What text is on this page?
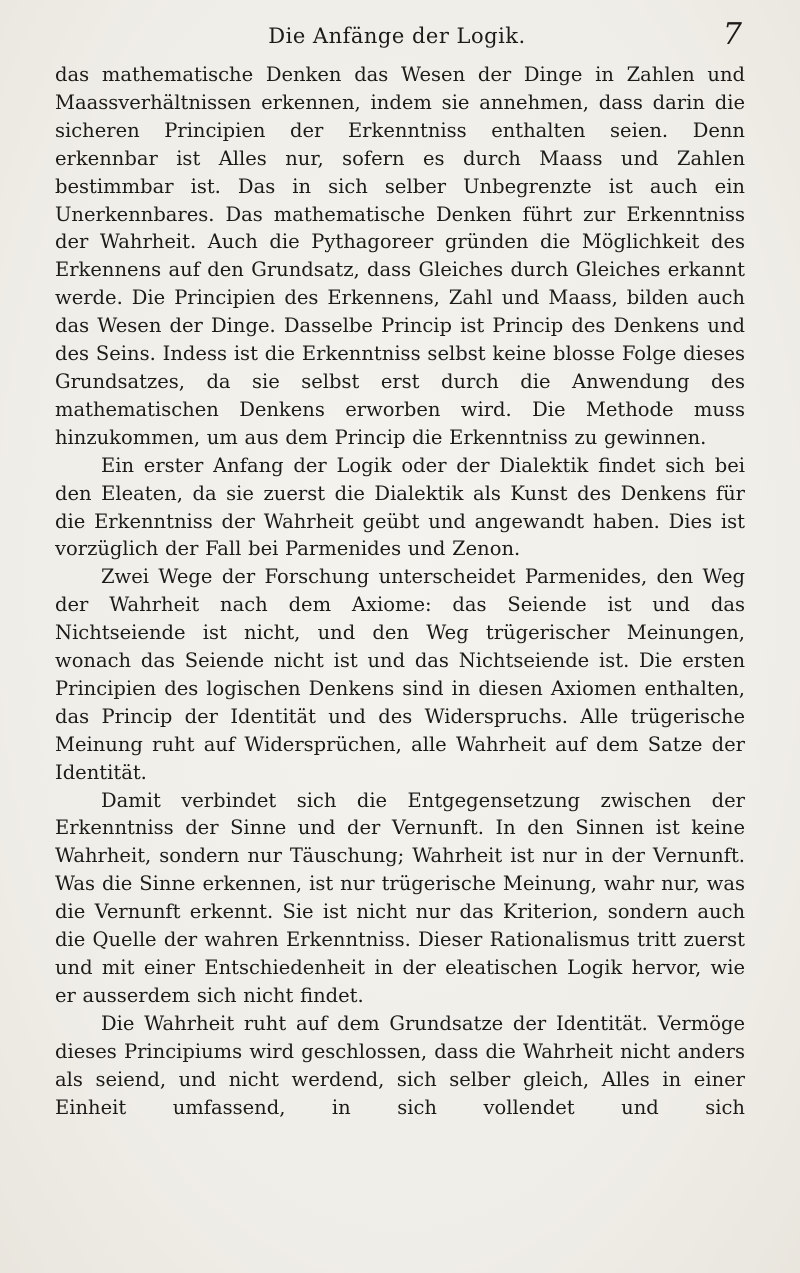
Die Anfänge der Logik.	7

das mathematische Denken das Wesen der Dinge in Zahlen und Maassverhältnissen erkennen, indem sie annehmen, dass darin die sicheren Principien der Erkenntniss enthalten seien. Denn erkennbar ist Alles nur, sofern es durch Maass und Zahlen bestimmbar ist. Das in sich selber Unbegrenzte ist auch ein Unerkennbares. Das mathematische Denken führt zur Erkenntniss der Wahrheit. Auch die Pythagoreer gründen die Möglichkeit des Erkennens auf den Grundsatz, dass Gleiches durch Gleiches erkannt werde. Die Principien des Erkennens, Zahl und Maass, bilden auch das Wesen der Dinge. Dasselbe Princip ist Princip des Denkens und des Seins. Indess ist die Erkenntniss selbst keine blosse Folge dieses Grundsatzes, da sie selbst erst durch die Anwendung des mathematischen Denkens erworben wird. Die Methode muss hinzukommen, um aus dem Princip die Erkenntniss zu gewinnen.

Ein erster Anfang der Logik oder der Dialektik findet sich bei den Eleaten, da sie zuerst die Dialektik als Kunst des Denkens für die Erkenntniss der Wahrheit geübt und angewandt haben. Dies ist vorzüglich der Fall bei Parmenides und Zenon.

Zwei Wege der Forschung unterscheidet Parmenides, den Weg der Wahrheit nach dem Axiome: das Seiende ist und das Nichtseiende ist nicht, und den Weg trügerischer Meinungen, wonach das Seiende nicht ist und das Nichtseiende ist. Die ersten Principien des logischen Denkens sind in diesen Axiomen enthalten, das Princip der Identität und des Widerspruchs. Alle trügerische Meinung ruht auf Widersprüchen, alle Wahrheit auf dem Satze der Identität.

Damit verbindet sich die Entgegensetzung zwischen der Erkenntniss der Sinne und der Vernunft. In den Sinnen ist keine Wahrheit, sondern nur Täuschung; Wahrheit ist nur in der Vernunft. Was die Sinne erkennen, ist nur trügerische Meinung, wahr nur, was die Vernunft erkennt. Sie ist nicht nur das Kriterion, sondern auch die Quelle der wahren Erkenntniss. Dieser Rationalismus tritt zuerst und mit einer Entschiedenheit in der eleatischen Logik hervor, wie er ausserdem sich nicht findet.

Die Wahrheit ruht auf dem Grundsatze der Identität. Vermöge dieses Principiums wird geschlossen, dass die Wahrheit nicht anders als seiend, und nicht werdend, sich selber gleich, Alles in einer Einheit umfassend, in sich vollendet und sich
